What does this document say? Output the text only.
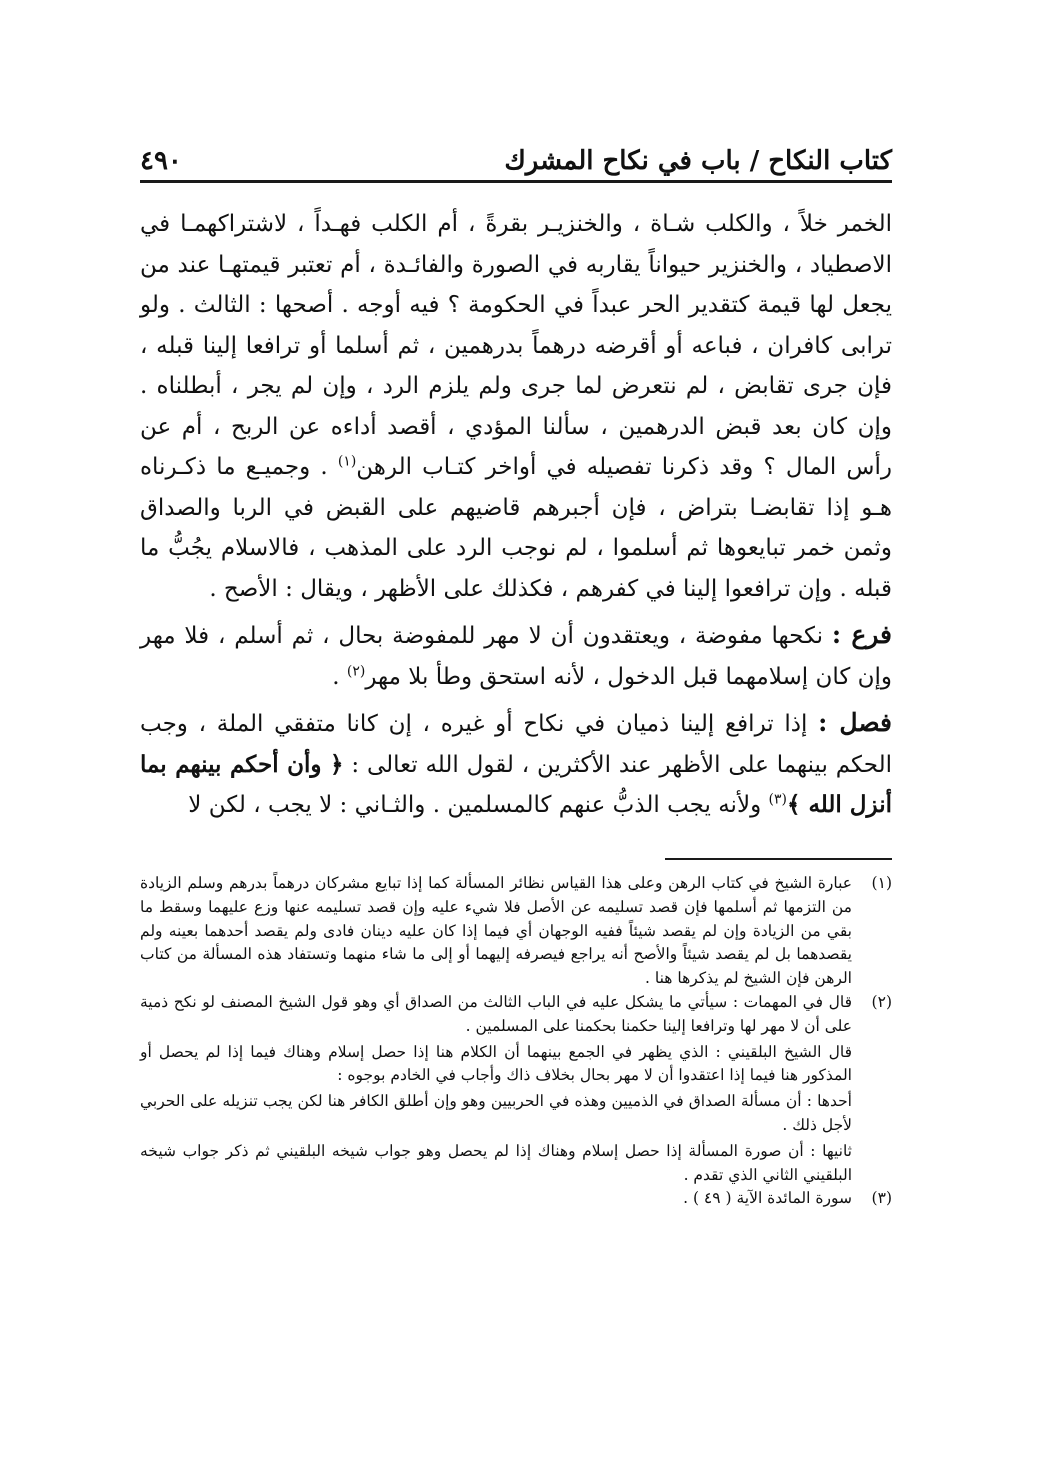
كتاب النكاح / باب في نكاح المشرك
٤٩٠

الخمر خلاً ، والكلب شـاة ، والخنزيـر بقرةً ، أم الكلب فهـداً ، لاشتراكهمـا في الاصطياد ، والخنزير حيواناً يقاربه في الصورة والفائـدة ، أم تعتبر قيمتهـا عند من يجعل لها قيمة كتقدير الحر عبداً في الحكومة ؟ فيه أوجه . أصحها : الثالث . ولو ترابى كافران ، فباعه أو أقرضه درهماً بدرهمين ، ثم أسلما أو ترافعا إلينا قبله ، فإن جرى تقابض ، لم نتعرض لما جرى ولم يلزم الرد ، وإن لم يجر ، أبطلناه . وإن كان بعد قبض الدرهمين ، سألنا المؤدي ، أقصد أداءه عن الربح ، أم عن رأس المال ؟ وقد ذكرنا تفصيله في أواخر كتـاب الرهن$^{(١)}$ . وجميـع ما ذكـرناه هـو إذا تقابضـا بتراض ، فإن أجبرهم قاضيهم على القبض في الربا والصداق وثمن خمر تبايعوها ثم أسلموا ، لم نوجب الرد على المذهب ، فالاسلام يجُبُّ ما قبله . وإن ترافعوا إلينا في كفرهم ، فكذلك على الأظهر ، ويقال : الأصح .

فرع : نكحها مفوضة ، ويعتقدون أن لا مهر للمفوضة بحال ، ثم أسلم ، فلا مهر وإن كان إسلامهما قبل الدخول ، لأنه استحق وطأ بلا مهر$^{(٢)}$ .

فصل : إذا ترافع إلينا ذميان في نكاح أو غيره ، إن كانا متفقي الملة ، وجب الحكم بينهما على الأظهر عند الأكثرين ، لقول الله تعالى : ﴿ وأن أحكم بينهم بما أنزل الله ﴾$^{(٣)}$ ولأنه يجب الذبُّ عنهم كالمسلمين . والثـاني : لا يجب ، لكن لا

(١)

عبارة الشيخ في كتاب الرهن وعلى هذا القياس نظائر المسألة كما إذا تبايع مشركان درهماً بدرهم وسلم الزيادة من التزمها ثم أسلمها فإن قصد تسليمه عن الأصل فلا شيء عليه وإن قصد تسليمه عنها وزع عليهما وسقط ما بقي من الزيادة وإن لم يقصد شيئاً ففيه الوجهان أي فيما إذا كان عليه دينان فادى ولم يقصد أحدهما بعينه ولم يقصدهما بل لم يقصد شيئاً والأصح أنه يراجع فيصرفه إليهما أو إلى ما شاء منهما وتستفاد هذه المسألة من كتاب الرهن فإن الشيخ لم يذكرها هنا .

(٢)

قال في المهمات : سيأتي ما يشكل عليه في الباب الثالث من الصداق أي وهو قول الشيخ المصنف لو نكح ذمية على أن لا مهر لها وترافعا إلينا حكمنا بحكمنا على المسلمين .

قال الشيخ البلقيني : الذي يظهر في الجمع بينهما أن الكلام هنا إذا حصل إسلام وهناك فيما إذا لم يحصل أو المذكور هنا فيما إذا اعتقدوا أن لا مهر بحال بخلاف ذاك وأجاب في الخادم بوجوه :

أحدها : أن مسألة الصداق في الذميين وهذه في الحربيين وهو وإن أطلق الكافر هنا لكن يجب تنزيله على الحربي لأجل ذلك .

ثانيها : أن صورة المسألة إذا حصل إسلام وهناك إذا لم يحصل وهو جواب شيخه البلقيني ثم ذكر جواب شيخه البلقيني الثاني الذي تقدم .

(٣)

سورة المائدة الآية ( ٤٩ ) .
